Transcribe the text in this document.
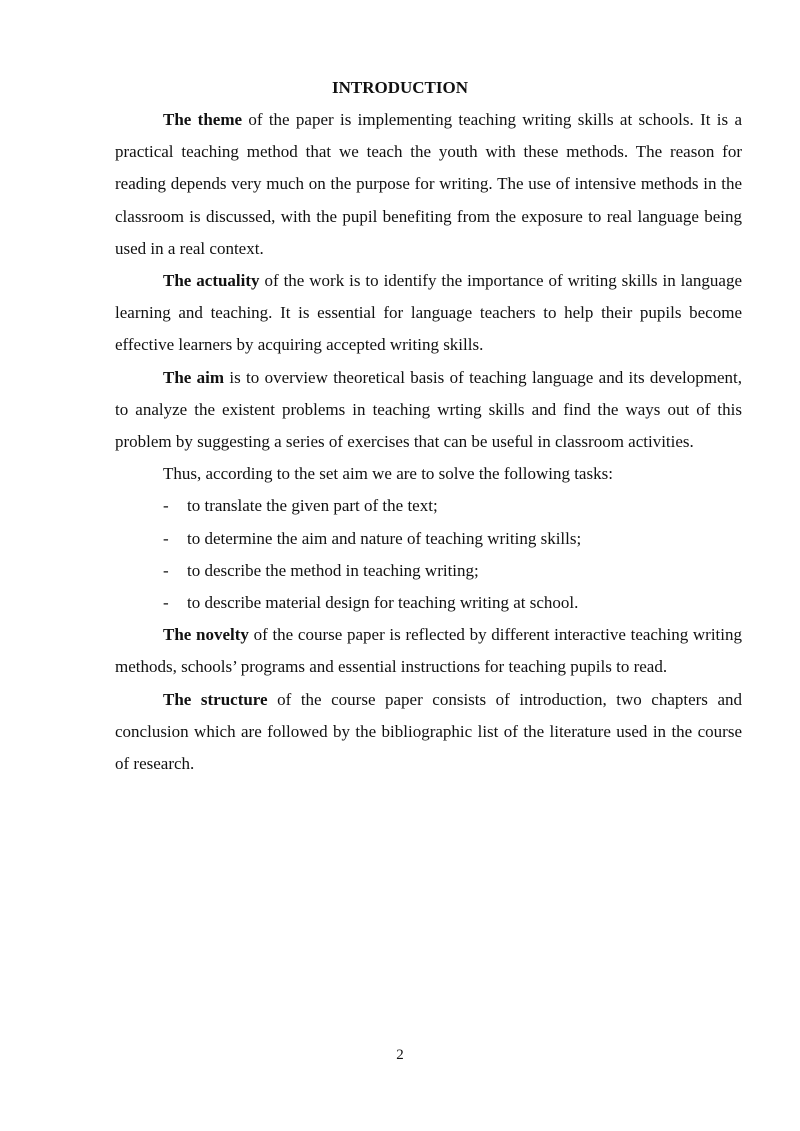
INTRODUCTION

The theme of the paper is implementing teaching writing skills at schools. It is a practical teaching method that we teach the youth with these methods. The reason for reading depends very much on the purpose for writing. The use of intensive methods in the classroom is discussed, with the pupil benefiting from the exposure to real language being used in a real context.

The actuality of the work is to identify the importance of writing skills in language learning and teaching. It is essential for language teachers to help their pupils become effective learners by acquiring accepted writing skills.

The aim is to overview theoretical basis of teaching language and its development, to analyze the existent problems in teaching wrting skills and find the ways out of this problem by suggesting a series of exercises that can be useful in classroom activities.

Thus, according to the set aim we are to solve the following tasks:

- to translate the given part of the text;
- to determine the aim and nature of teaching writing skills;
- to describe the method in teaching writing;
- to describe material design for teaching writing at school.

The novelty of the course paper is reflected by different interactive teaching writing methods, schools’ programs and essential instructions for teaching pupils to read.

The structure of the course paper consists of introduction, two chapters and conclusion which are followed by the bibliographic list of the literature used in the course of research.

2
